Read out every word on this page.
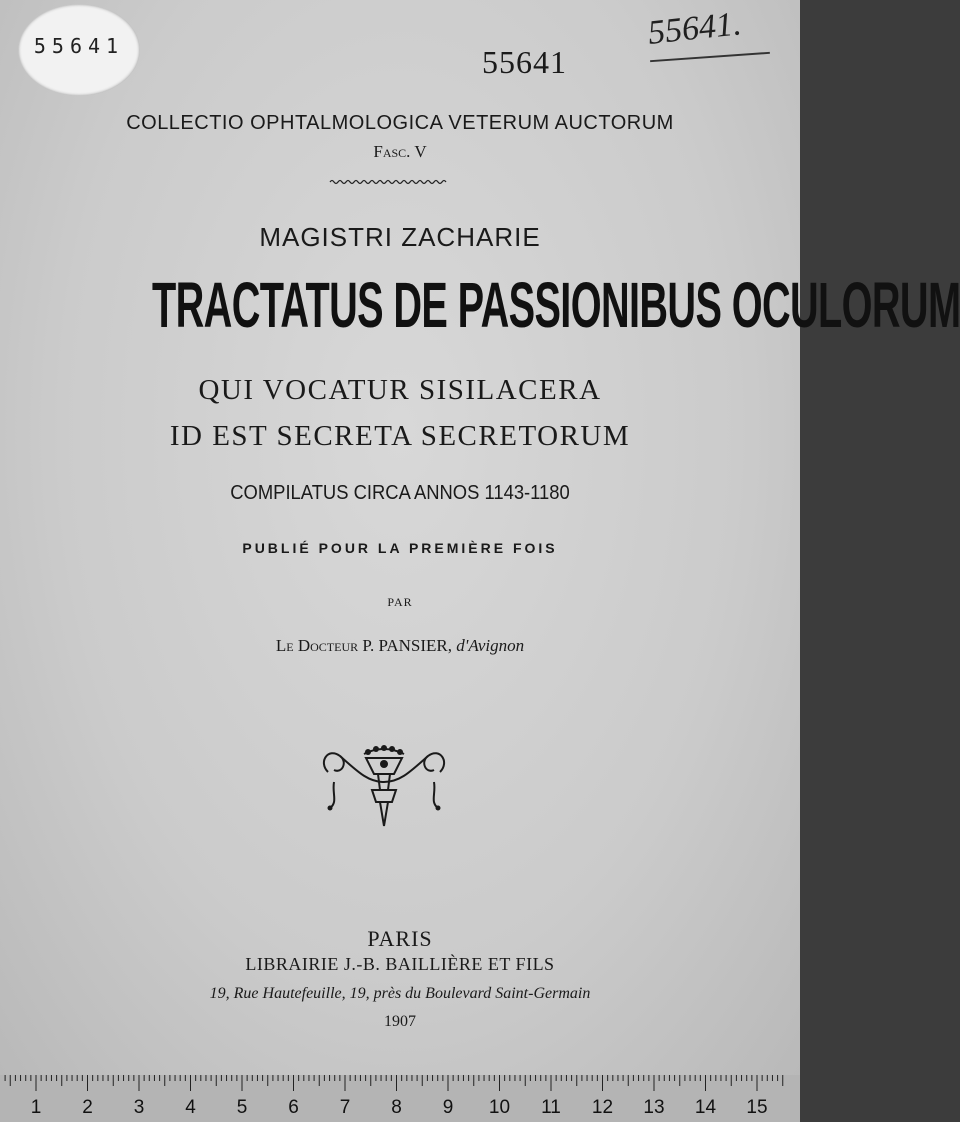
55641	55641
55641.
COLLECTIO OPHTALMOLOGICA VETERUM AUCTORUM
Fasc. V
MAGISTRI ZACHARIE
TRACTATUS DE PASSIONIBUS OCULORUM
QUI VOCATUR SISILACERA
ID EST SECRETA SECRETORUM
COMPILATUS CIRCA ANNOS 1143-1180
PUBLIÉ POUR LA PREMIÈRE FOIS
PAR
Le Docteur P. PANSIER, d'Avignon
PARIS
LIBRAIRIE J.-B. BAILLIÈRE ET FILS
19, Rue Hautefeuille, 19, près du Boulevard Saint-Germain
1907
1	2	3	4	5	6	7	8	9	10 11 12 13 14 15
